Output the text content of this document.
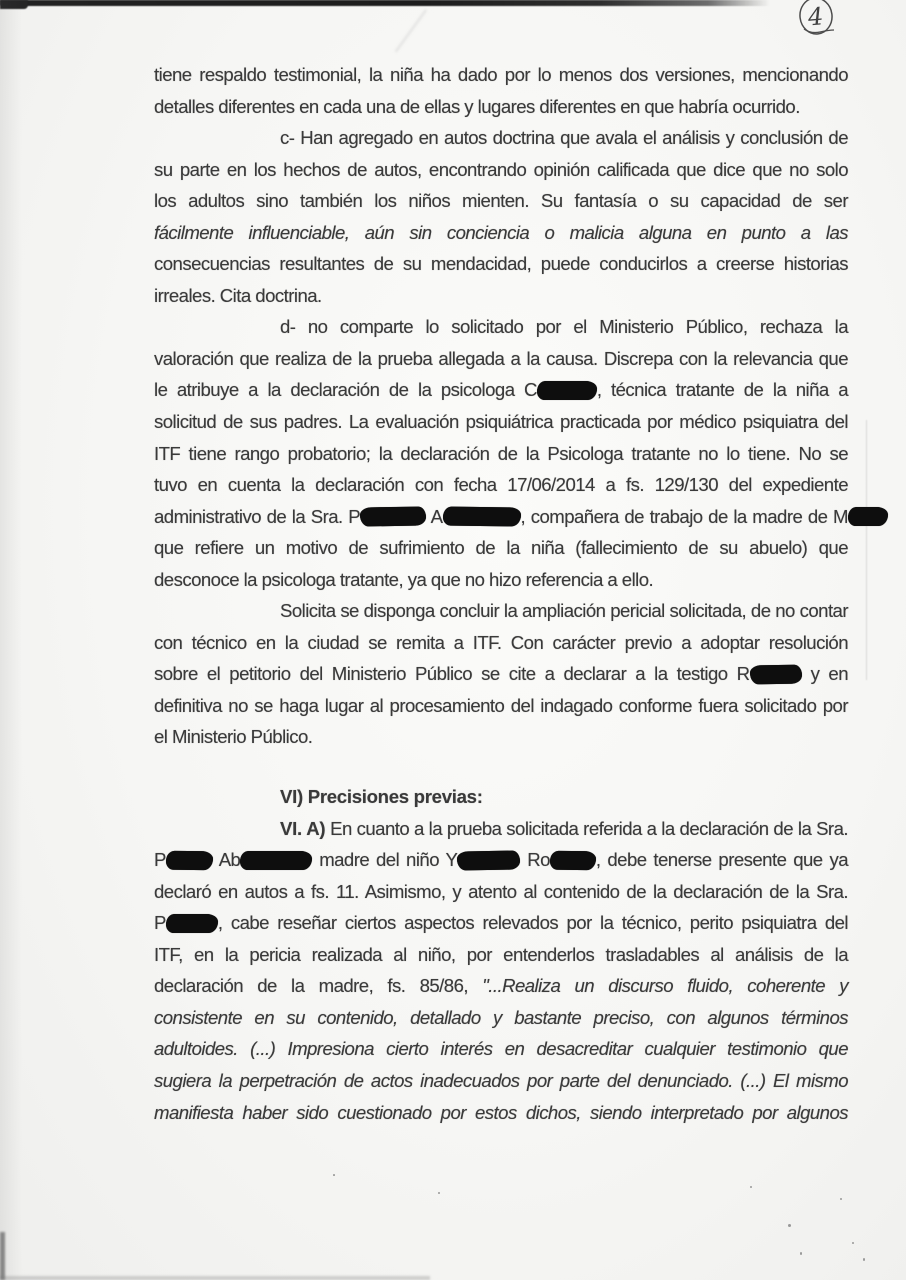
4
tiene respaldo testimonial, la niña ha dado por lo menos dos versiones, mencionando
detalles diferentes en cada una de ellas y lugares diferentes en que habría ocurrido.
c- Han agregado en autos doctrina que avala el análisis y conclusión de
su parte en los hechos de autos, encontrando opinión calificada que dice que no solo
los adultos sino también los niños mienten. Su fantasía o su capacidad de ser
fácilmente influenciable, aún sin conciencia o malicia alguna en punto a las
consecuencias resultantes de su mendacidad, puede conducirlos a creerse historias
irreales. Cita doctrina.
d- no comparte lo solicitado por el Ministerio Público, rechaza la
valoración que realiza de la prueba allegada a la causa. Discrepa con la relevancia que
le atribuye a la declaración de la psicologa C	, técnica tratante de la niña a
solicitud de sus padres. La evaluación psiquiátrica practicada por médico psiquiatra del
ITF tiene rango probatorio; la declaración de la Psicologa tratante no lo tiene. No se
tuvo en cuenta la declaración con fecha 17/06/2014 a fs. 129/130 del expediente
administrativo de la Sra. P	A	, compañera de trabajo de la madre de M
que refiere un motivo de sufrimiento de la niña (fallecimiento de su abuelo) que
desconoce la psicologa tratante, ya que no hizo referencia a ello.
Solicita se disponga concluir la ampliación pericial solicitada, de no contar
con técnico en la ciudad se remita a ITF. Con carácter previo a adoptar resolución
sobre el petitorio del Ministerio Público se cite a declarar a la testigo R	y en
definitiva no se haga lugar al procesamiento del indagado conforme fuera solicitado por
el Ministerio Público.
VI) Precisiones previas:
VI. A) En cuanto a la prueba solicitada referida a la declaración de la Sra.
P	Ab	madre del niño Y	Ro , debe tenerse presente que ya
declaró en autos a fs. 11. Asimismo, y atento al contenido de la declaración de la Sra.
P	, cabe reseñar ciertos aspectos relevados por la técnico, perito psiquiatra del
ITF, en la pericia realizada al niño, por entenderlos trasladables al análisis de la
declaración de la madre, fs. 85/86, "...Realiza un discurso fluido, coherente y
consistente en su contenido, detallado y bastante preciso, con algunos términos
adultoides. (...) Impresiona cierto interés en desacreditar cualquier testimonio que
sugiera la perpetración de actos inadecuados por parte del denunciado. (...) El mismo
manifiesta haber sido cuestionado por estos dichos, siendo interpretado por algunos
